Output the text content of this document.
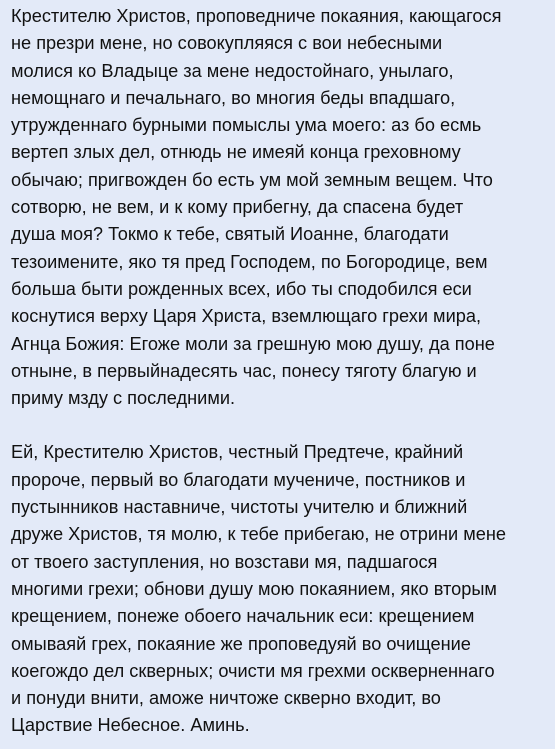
Крестителю Христов, проповедниче покаяния, кающагося
не презри мене, но совокупляяся с вои небесными
молися ко Владыце за мене недостойнаго, унылаго,
немощнаго и печальнаго, во многия беды впадшаго,
утружденнаго бурными помыслы ума моего: аз бо есмь
вертеп злых дел, отнюдь не имеяй конца греховному
обычаю; пригвожден бо есть ум мой земным вещем. Что
сотворю, не вем, и к кому прибегну, да спасена будет
душа моя? Токмо к тебе, святый Иоанне, благодати
тезоимените, яко тя пред Господем, по Богородице, вем
больша быти рожденных всех, ибо ты сподобился еси
коснутися верху Царя Христа, вземлющаго грехи мира,
Агнца Божия: Егоже моли за грешную мою душу, да поне
отныне, в первыйнадесять час, понесу тяготу благую и
приму мзду с последними.
Ей, Крестителю Христов, честный Предтече, крайний
пророче, первый во благодати мучениче, постников и
пустынников наставниче, чистоты учителю и ближний
друже Христов, тя молю, к тебе прибегаю, не отрини мене
от твоего заступления, но возстави мя, падшагося
многими грехи; обнови душу мою покаянием, яко вторым
крещением, понеже обоего начальник еси: крещением
омываяй грех, покаяние же проповедуяй во очищение
коегождо дел скверных; очисти мя грехми оскверненнаго
и понуди внити, аможе ничтоже скверно входит, во
Царствие Небесное. Аминь.
